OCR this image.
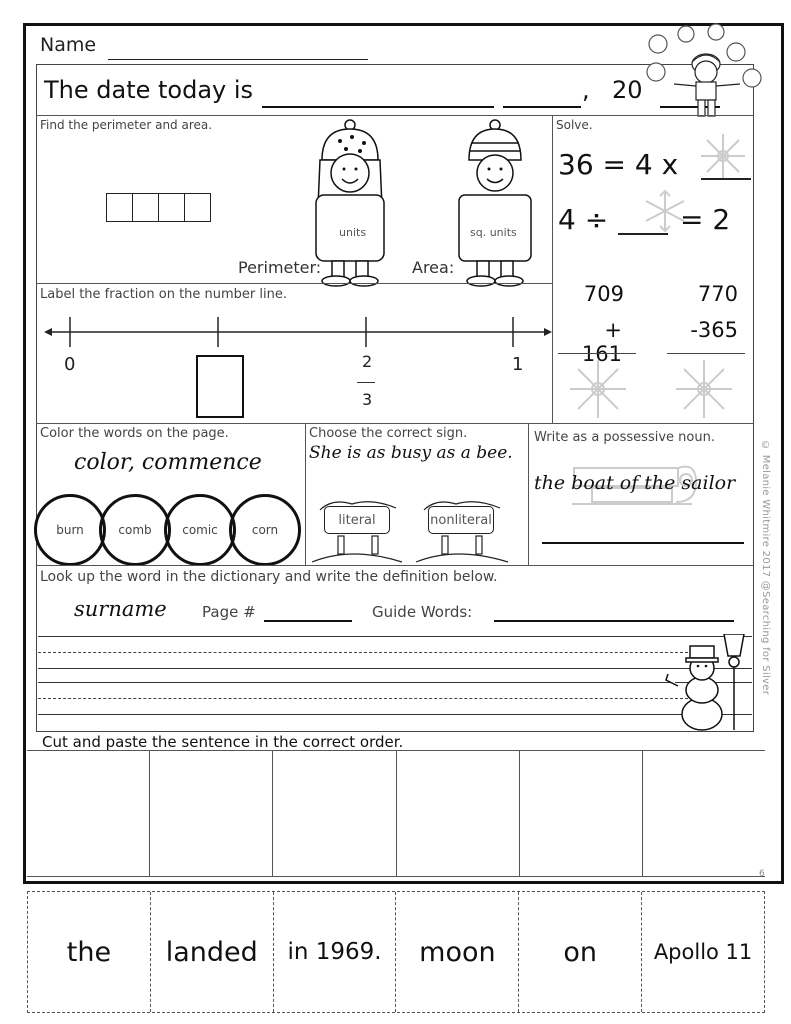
Name
The date today is	, 20
Find the perimeter and area.
units	sq. units
Perimeter:	Area:
Solve.
36 = 4 x
4 ÷	= 2
709
+ 161
770
-365
Label the fraction on the number line.
0	2
3
1
Color the words on the page.
color, commence
burn	comb	comic	corn
Choose the correct sign.
She is as busy as a bee.
literal	nonliteral
Write as a possessive noun.
the boat of the sailor
Look up the word in the dictionary and write the definition below.
surname Page #	Guide Words:	© Melanie Whitmire 2017 @Searching for Silver
Cut and paste the sentence in the correct order.
6
the	landed	in 1969.	moon	on	Apollo 11
